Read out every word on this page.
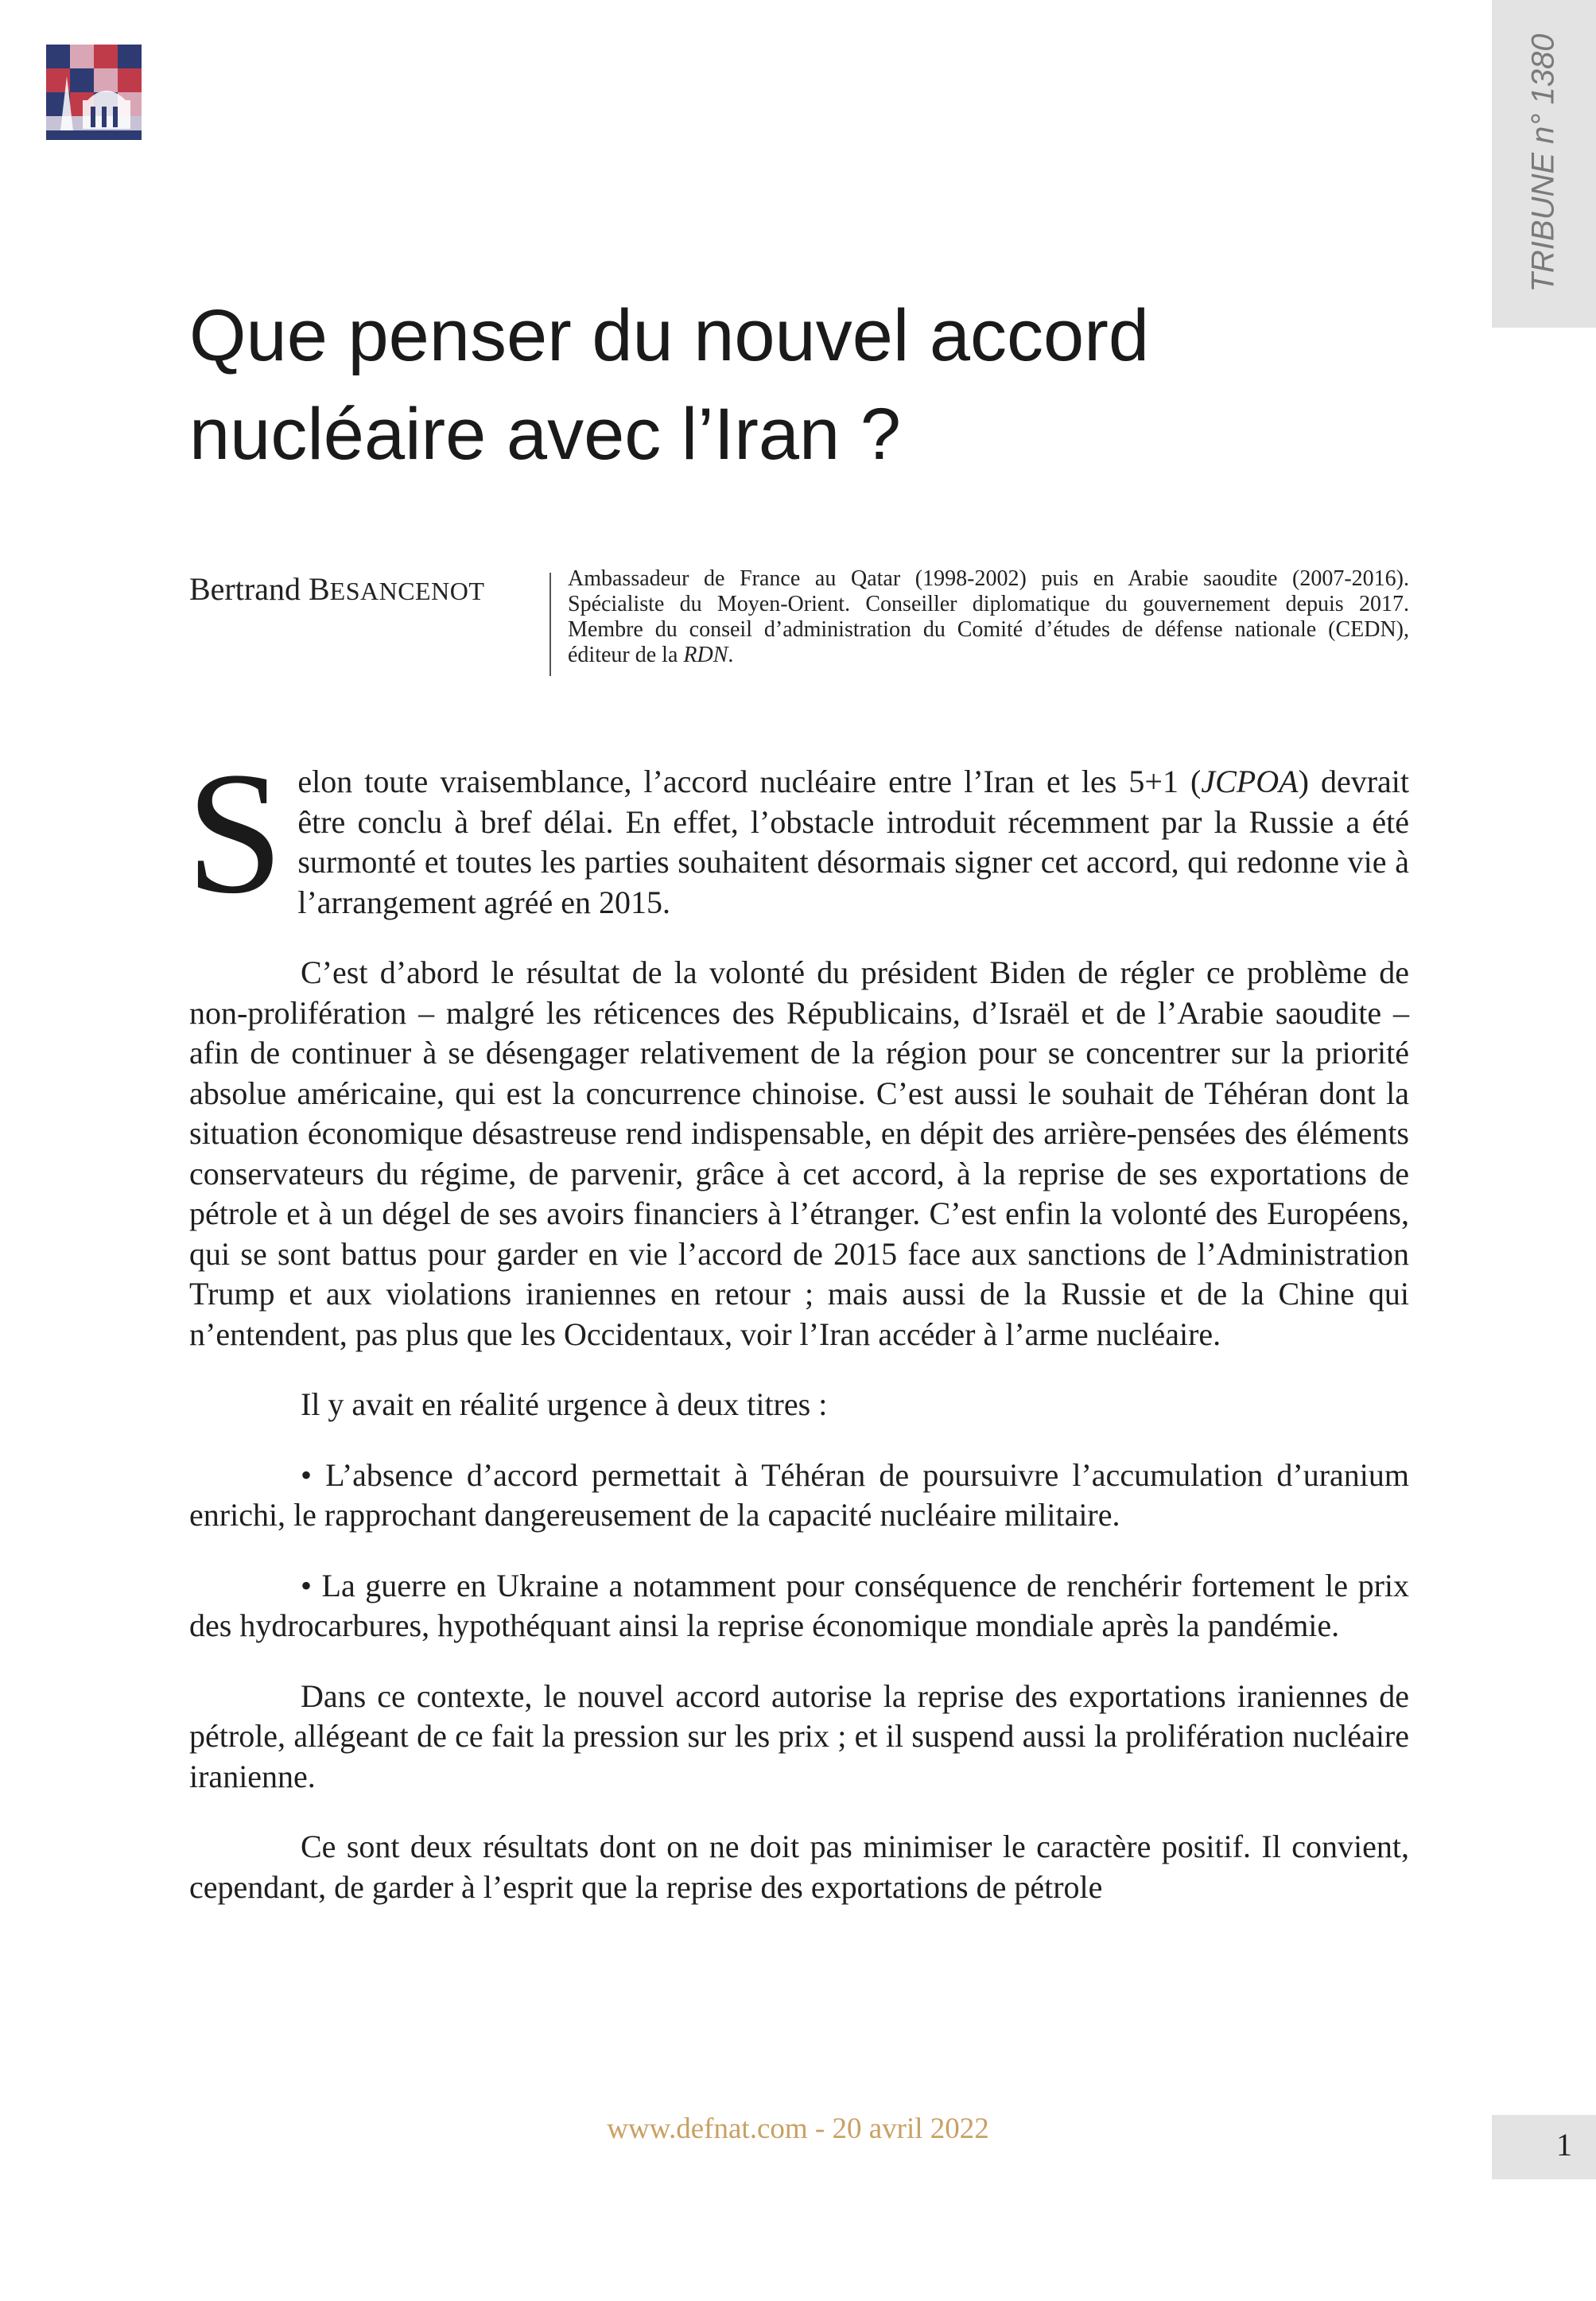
TRIBUNE n° 1380
Que penser du nouvel accord nucléaire avec l’Iran ?
Bertrand BESANCENOT	Ambassadeur de France au Qatar (1998-2002) puis en Arabie saoudite (2007-2016). Spécialiste du Moyen-Orient. Conseiller diplomatique du gouvernement depuis 2017. Membre du conseil d’administration du Comité d’études de défense nationale (CEDN), éditeur de la RDN.

Selon toute vraisemblance, l’accord nucléaire entre l’Iran et les 5+1 (JCPOA) devrait être conclu à bref délai. En effet, l’obstacle introduit récemment par la Russie a été surmonté et toutes les parties souhaitent désormais signer cet accord, qui redonne vie à l’arrangement agréé en 2015.

C’est d’abord le résultat de la volonté du président Biden de régler ce problème de non-prolifération – malgré les réticences des Républicains, d’Israël et de l’Arabie saoudite – afin de continuer à se désengager relativement de la région pour se concentrer sur la priorité absolue américaine, qui est la concurrence chinoise. C’est aussi le souhait de Téhéran dont la situation économique désastreuse rend indispensable, en dépit des arrière-pensées des éléments conservateurs du régime, de parvenir, grâce à cet accord, à la reprise de ses exportations de pétrole et à un dégel de ses avoirs financiers à l’étranger. C’est enfin la volonté des Européens, qui se sont battus pour garder en vie l’accord de 2015 face aux sanctions de l’Administration Trump et aux violations iraniennes en retour ; mais aussi de la Russie et de la Chine qui n’entendent, pas plus que les Occidentaux, voir l’Iran accéder à l’arme nucléaire.

Il y avait en réalité urgence à deux titres :

• L’absence d’accord permettait à Téhéran de poursuivre l’accumulation d’uranium enrichi, le rapprochant dangereusement de la capacité nucléaire militaire.

• La guerre en Ukraine a notamment pour conséquence de renchérir fortement le prix des hydrocarbures, hypothéquant ainsi la reprise économique mondiale après la pandémie.

Dans ce contexte, le nouvel accord autorise la reprise des exportations iraniennes de pétrole, allégeant de ce fait la pression sur les prix ; et il suspend aussi la prolifération nucléaire iranienne.

Ce sont deux résultats dont on ne doit pas minimiser le caractère positif. Il convient, cependant, de garder à l’esprit que la reprise des exportations de pétrole

www.defnat.com - 20 avril 2022	1
